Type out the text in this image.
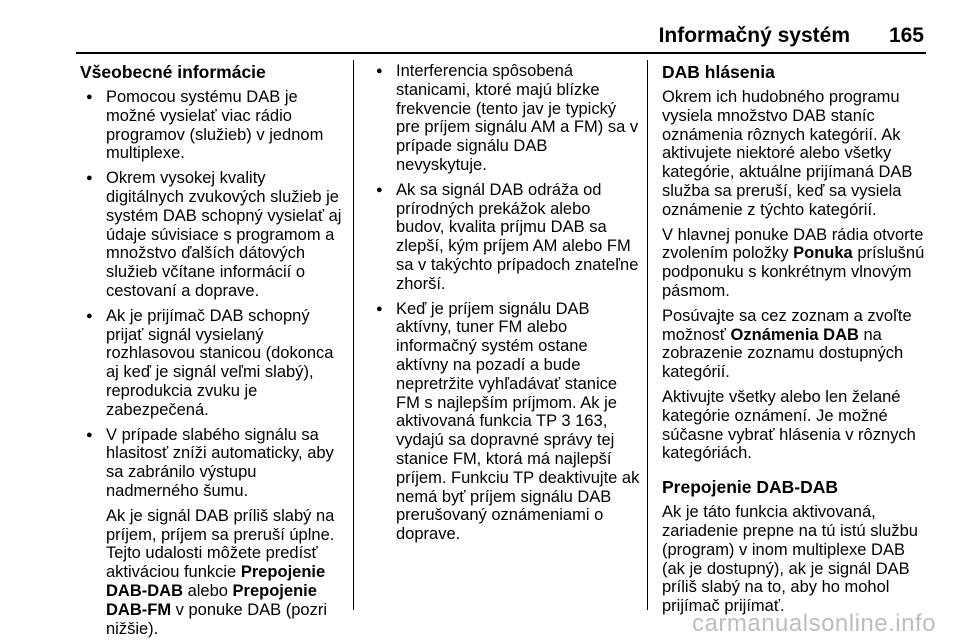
Informačný systém 165
Všeobecné informácie
● Pomocou systému DAB je možné vysielať viac rádio programov (služieb) v jednom multiplexe.
● Okrem vysokej kvality digitálnych zvukových služieb je systém DAB schopný vysielať aj údaje súvisiace s programom a množstvo ďalších dátových služieb včítane informácií o cestovaní a doprave.
● Ak je prijímač DAB schopný prijať signál vysielaný rozhlasovou stanicou (dokonca aj keď je signál veľmi slabý), reprodukcia zvuku je zabezpečená.
● V prípade slabého signálu sa hlasitosť zníži automaticky, aby sa zabránilo výstupu nadmerného šumu.
Ak je signál DAB príliš slabý na príjem, príjem sa preruší úplne. Tejto udalosti môžete predísť aktiváciou funkcie Prepojenie DAB-DAB alebo Prepojenie DAB-FM v ponuke DAB (pozri nižšie).
● Interferencia spôsobená stanicami, ktoré majú blízke frekvencie (tento jav je typický pre príjem signálu AM a FM) sa v prípade signálu DAB nevyskytuje.
● Ak sa signál DAB odráža od prírodných prekážok alebo budov, kvalita príjmu DAB sa zlepší, kým príjem AM alebo FM sa v takýchto prípadoch znateľne zhorší.
● Keď je príjem signálu DAB aktívny, tuner FM alebo informačný systém ostane aktívny na pozadí a bude nepretržite vyhľadávať stanice FM s najlepším príjmom. Ak je aktivovaná funkcia TP 3 163, vydajú sa dopravné správy tej stanice FM, ktorá má najlepší príjem. Funkciu TP deaktivujte ak nemá byť príjem signálu DAB prerušovaný oznámeniami o doprave.
DAB hlásenia

Okrem ich hudobného programu vysiela množstvo DAB staníc oznámenia rôznych kategórií. Ak aktivujete niektoré alebo všetky kategórie, aktuálne prijímaná DAB služba sa preruší, keď sa vysiela oznámenie z týchto kategórií.

V hlavnej ponuke DAB rádia otvorte zvolením položky Ponuka príslušnú podponuku s konkrétnym vlnovým pásmom.

Posúvajte sa cez zoznam a zvoľte možnosť Oznámenia DAB na zobrazenie zoznamu dostupných kategórií.

Aktivujte všetky alebo len želané kategórie oznámení. Je možné súčasne vybrať hlásenia v rôznych kategóriách.

Prepojenie DAB-DAB

Ak je táto funkcia aktivovaná, zariadenie prepne na tú istú službu (program) v inom multiplexe DAB (ak je dostupný), ak je signál DAB príliš slabý na to, aby ho mohol prijímač prijímať.

carmanualsonline.info
